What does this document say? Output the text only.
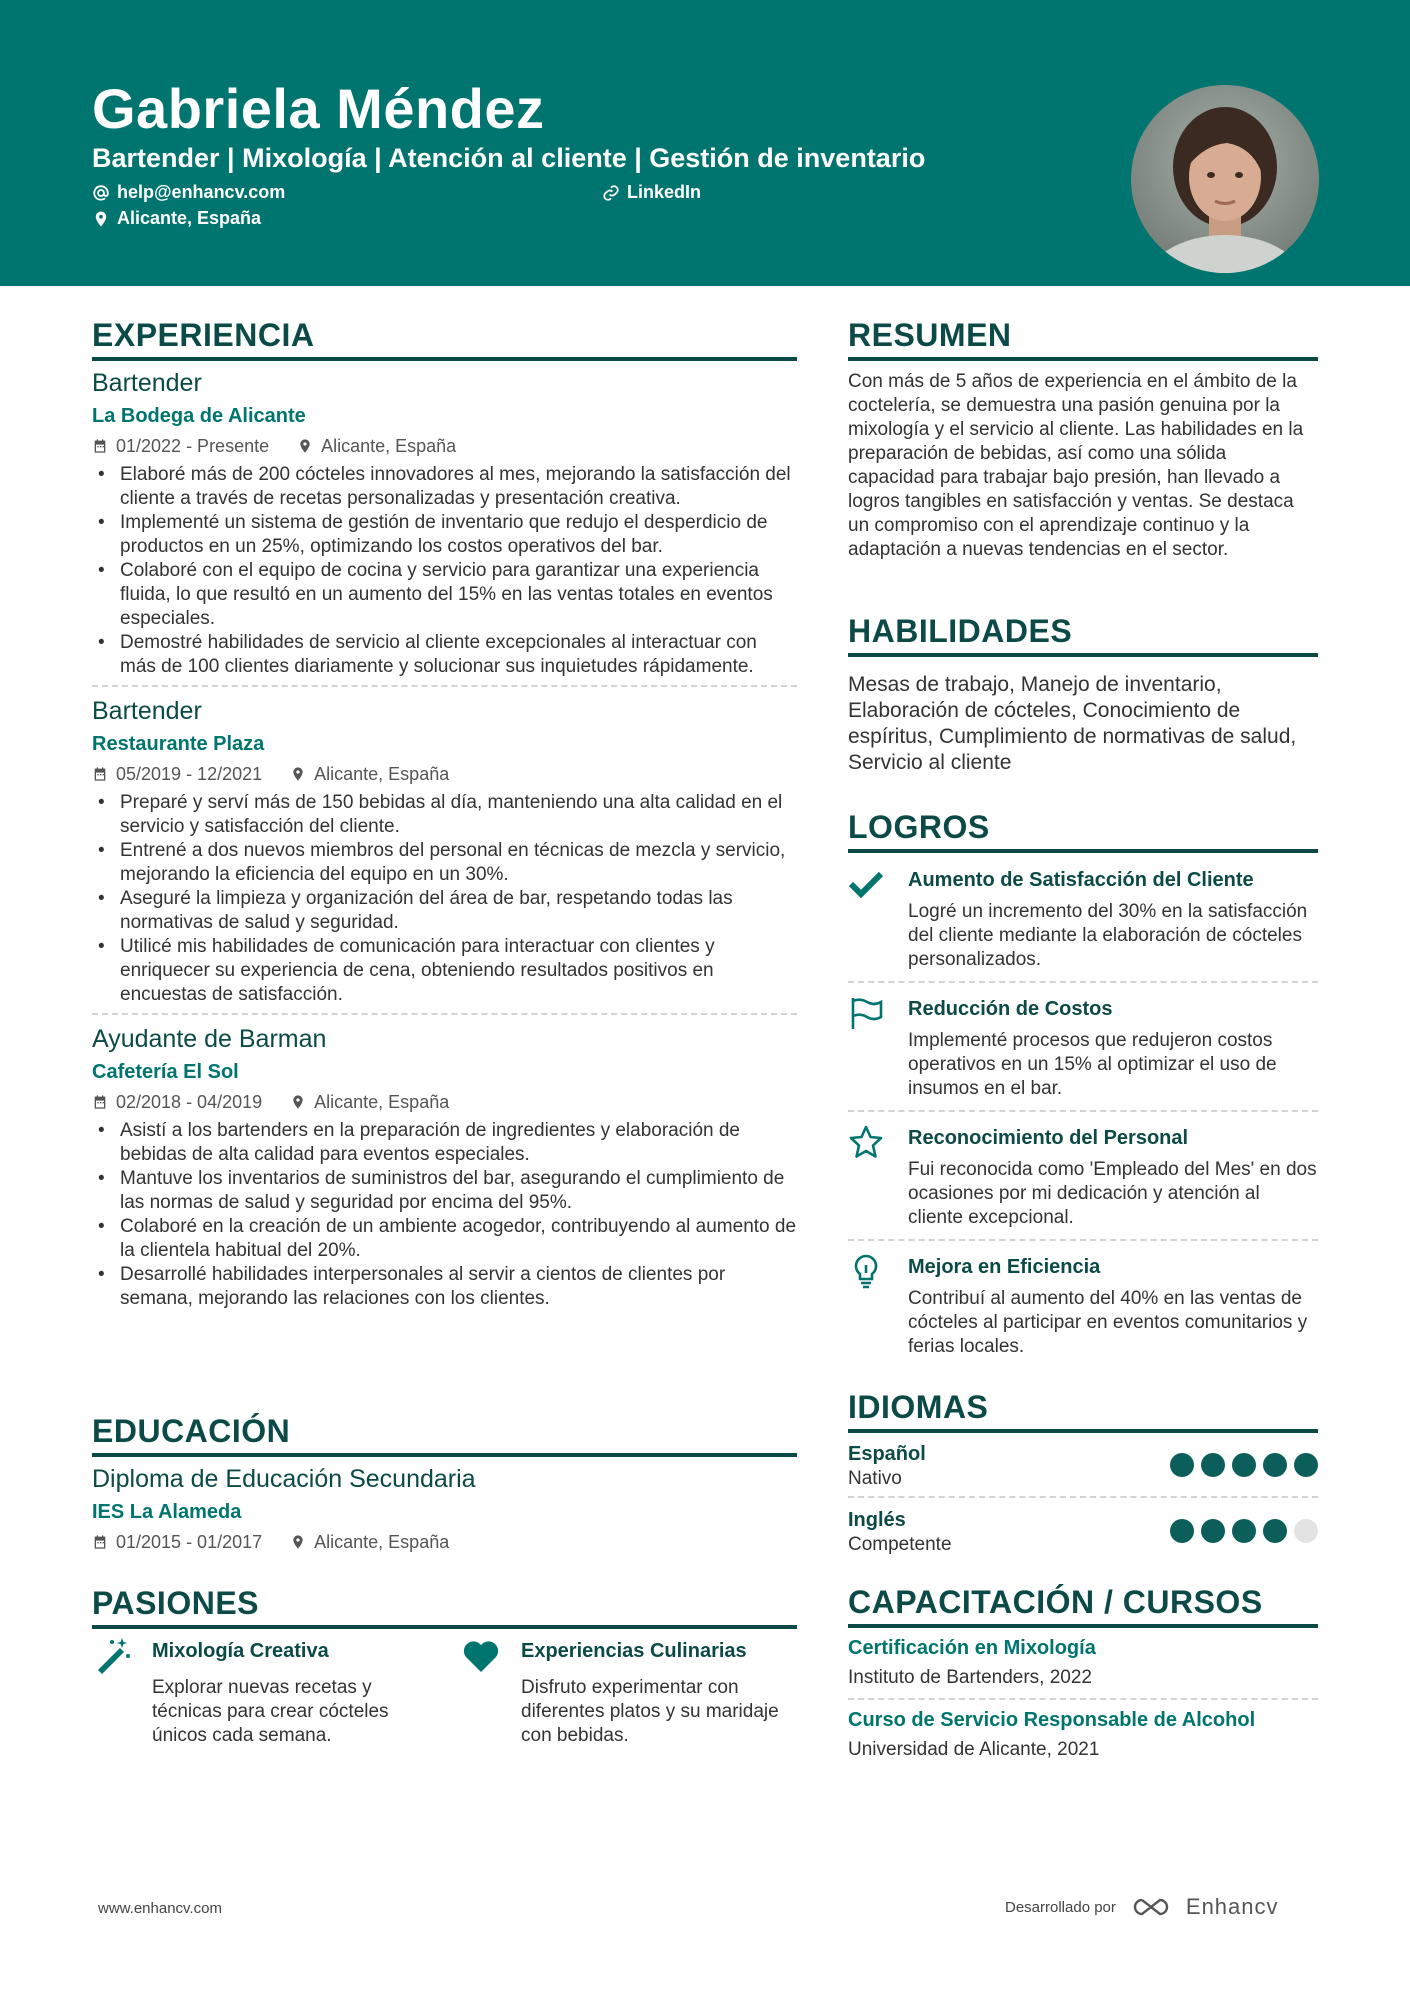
Gabriela Méndez
Bartender | Mixología | Atención al cliente | Gestión de inventario
help@enhancv.com	LinkedIn
Alicante, España
EXPERIENCIA
Bartender
La Bodega de Alicante
01/2022 - Presente	Alicante, España
• Elaboré más de 200 cócteles innovadores al mes, mejorando la satisfacción del cliente a través de recetas personalizadas y presentación creativa.
• Implementé un sistema de gestión de inventario que redujo el desperdicio de productos en un 25%, optimizando los costos operativos del bar.
• Colaboré con el equipo de cocina y servicio para garantizar una experiencia fluida, lo que resultó en un aumento del 15% en las ventas totales en eventos especiales.
• Demostré habilidades de servicio al cliente excepcionales al interactuar con más de 100 clientes diariamente y solucionar sus inquietudes rápidamente.
Bartender
Restaurante Plaza
05/2019 - 12/2021	Alicante, España
• Preparé y serví más de 150 bebidas al día, manteniendo una alta calidad en el servicio y satisfacción del cliente.
• Entrené a dos nuevos miembros del personal en técnicas de mezcla y servicio, mejorando la eficiencia del equipo en un 30%.
• Aseguré la limpieza y organización del área de bar, respetando todas las normativas de salud y seguridad.
• Utilicé mis habilidades de comunicación para interactuar con clientes y enriquecer su experiencia de cena, obteniendo resultados positivos en encuestas de satisfacción.
Ayudante de Barman
Cafetería El Sol
02/2018 - 04/2019	Alicante, España
• Asistí a los bartenders en la preparación de ingredientes y elaboración de bebidas de alta calidad para eventos especiales.
• Mantuve los inventarios de suministros del bar, asegurando el cumplimiento de las normas de salud y seguridad por encima del 95%.
• Colaboré en la creación de un ambiente acogedor, contribuyendo al aumento de la clientela habitual del 20%.
• Desarrollé habilidades interpersonales al servir a cientos de clientes por semana, mejorando las relaciones con los clientes.
EDUCACIÓN
Diploma de Educación Secundaria
IES La Alameda
01/2015 - 01/2017	Alicante, España
PASIONES
Mixología Creativa
Explorar nuevas recetas y técnicas para crear cócteles únicos cada semana.
Experiencias Culinarias
Disfruto experimentar con diferentes platos y su maridaje con bebidas.
RESUMEN
Con más de 5 años de experiencia en el ámbito de la coctelería, se demuestra una pasión genuina por la mixología y el servicio al cliente. Las habilidades en la preparación de bebidas, así como una sólida capacidad para trabajar bajo presión, han llevado a logros tangibles en satisfacción y ventas. Se destaca un compromiso con el aprendizaje continuo y la adaptación a nuevas tendencias en el sector.
HABILIDADES
Mesas de trabajo, Manejo de inventario, Elaboración de cócteles, Conocimiento de espíritus, Cumplimiento de normativas de salud, Servicio al cliente
LOGROS
Aumento de Satisfacción del Cliente
Logré un incremento del 30% en la satisfacción del cliente mediante la elaboración de cócteles personalizados.
Reducción de Costos
Implementé procesos que redujeron costos operativos en un 15% al optimizar el uso de insumos en el bar.
Reconocimiento del Personal
Fui reconocida como 'Empleado del Mes' en dos ocasiones por mi dedicación y atención al cliente excepcional.
Mejora en Eficiencia
Contribuí al aumento del 40% en las ventas de cócteles al participar en eventos comunitarios y ferias locales.
IDIOMAS
Español
Nativo
Inglés
Competente
CAPACITACIÓN / CURSOS
Certificación en Mixología
Instituto de Bartenders, 2022
Curso de Servicio Responsable de Alcohol
Universidad de Alicante, 2021
www.enhancv.com	Desarrollado por	Enhancv
